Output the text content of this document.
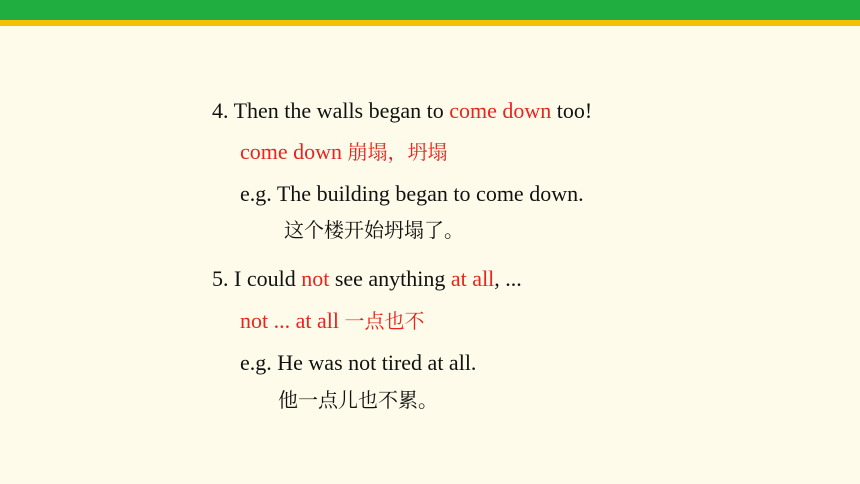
4. Then the walls began to come down too!
come down 崩塌，坍塌
e.g. The building began to come down.
这个楼开始坍塌了。
5. I could not see anything at all, ...
not ... at all 一点也不
e.g. He was not tired at all.
他一点儿也不累。
